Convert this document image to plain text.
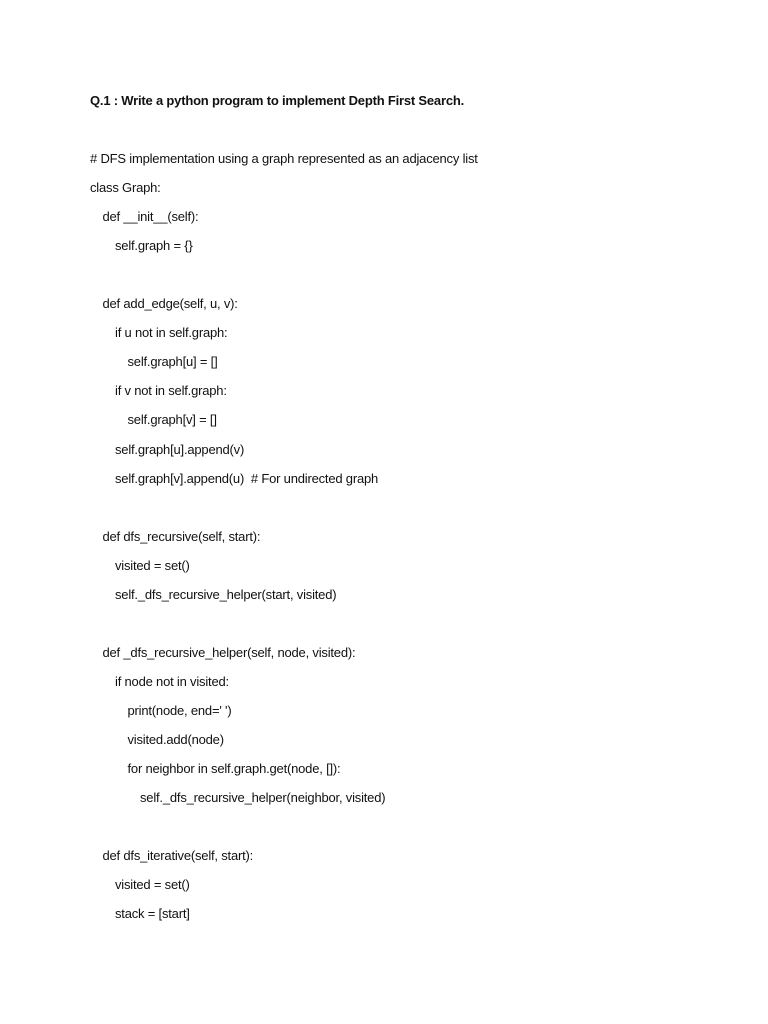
Q.1 : Write a python program to implement Depth First Search.
# DFS implementation using a graph represented as an adjacency list
class Graph:
def __init__(self):
self.graph = {}
def add_edge(self, u, v):
if u not in self.graph:
self.graph[u] = []
if v not in self.graph:
self.graph[v] = []
self.graph[u].append(v)
self.graph[v].append(u)  # For undirected graph
def dfs_recursive(self, start):
visited = set()
self._dfs_recursive_helper(start, visited)
def _dfs_recursive_helper(self, node, visited):
if node not in visited:
print(node, end=' ')
visited.add(node)
for neighbor in self.graph.get(node, []):
self._dfs_recursive_helper(neighbor, visited)
def dfs_iterative(self, start):
visited = set()
stack = [start]
